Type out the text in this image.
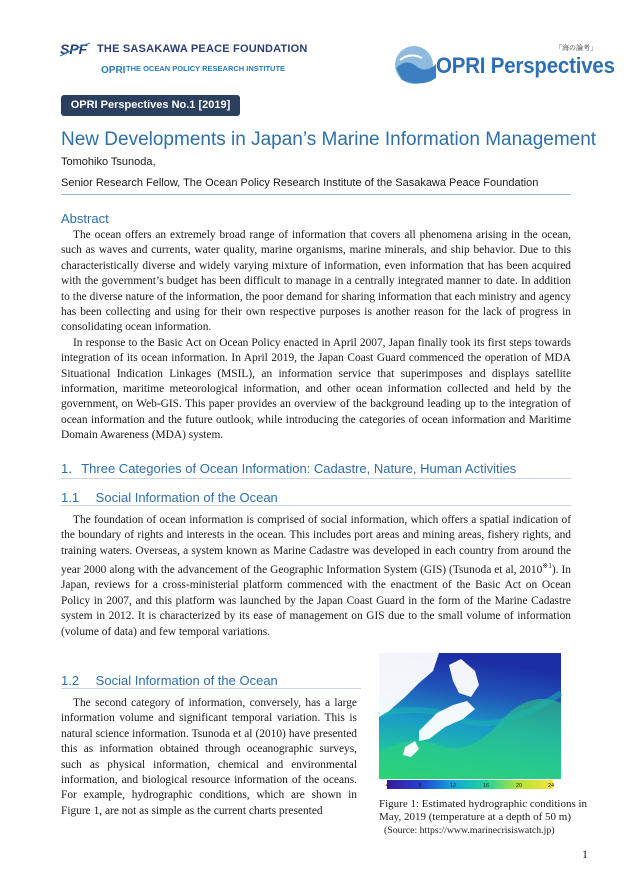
SPF THE SASAKAWA PEACE FOUNDATION
OPRI THE OCEAN POLICY RESEARCH INSTITUTE
「海の論考」
OPRI Perspectives
OPRI Perspectives No.1 [2019]
New Developments in Japan’s Marine Information Management
Tomohiko Tsunoda,
Senior Research Fellow, The Ocean Policy Research Institute of the Sasakawa Peace Foundation
Abstract

The ocean offers an extremely broad range of information that covers all phenomena arising in the ocean, such as waves and currents, water quality, marine organisms, marine minerals, and ship behavior. Due to this characteristically diverse and widely varying mixture of information, even information that has been acquired with the government’s budget has been difficult to manage in a centrally integrated manner to date. In addition to the diverse nature of the information, the poor demand for sharing information that each ministry and agency has been collecting and using for their own respective purposes is another reason for the lack of progress in consolidating ocean information.

In response to the Basic Act on Ocean Policy enacted in April 2007, Japan finally took its first steps towards integration of its ocean information. In April 2019, the Japan Coast Guard commenced the operation of MDA Situational Indication Linkages (MSIL), an information service that superimposes and displays satellite information, maritime meteorological information, and other ocean information collected and held by the government, on Web-GIS. This paper provides an overview of the background leading up to the integration of ocean information and the future outlook, while introducing the categories of ocean information and Maritime Domain Awareness (MDA) system.

1．Three Categories of Ocean Information: Cadastre, Nature, Human Activities
1.1　 Social Information of the Ocean

The foundation of ocean information is comprised of social information, which offers a spatial indication of the boundary of rights and interests in the ocean. This includes port areas and mining areas, fishery rights, and training waters. Overseas, a system known as Marine Cadastre was developed in each country from around the year 2000 along with the advancement of the Geographic Information System (GIS) (Tsunoda et al, 2010$^{※1}$). In Japan, reviews for a cross-ministerial platform commenced with the enactment of the Basic Act on Ocean Policy in 2007, and this platform was launched by the Japan Coast Guard in the form of the Marine Cadastre system in 2012. It is characterized by its ease of management on GIS due to the small volume of information (volume of data) and few temporal variations.

1.2　 Social Information of the Ocean

The second category of information, conversely, has a large information volume and significant temporal variation. This is natural science information. Tsunoda et al (2010) have presented this as information obtained through oceanographic surveys, such as physical information, chemical and environmental information, and biological resource information of the oceans. For example, hydrographic conditions, which are shown in Figure 1, are not as simple as the current charts presented

4	8	12	16	20	24
Figure 1: Estimated hydrographic conditions in May, 2019 (temperature at a depth of 50 m)
(Source: https://www.marinecrisiswatch.jp)
1
